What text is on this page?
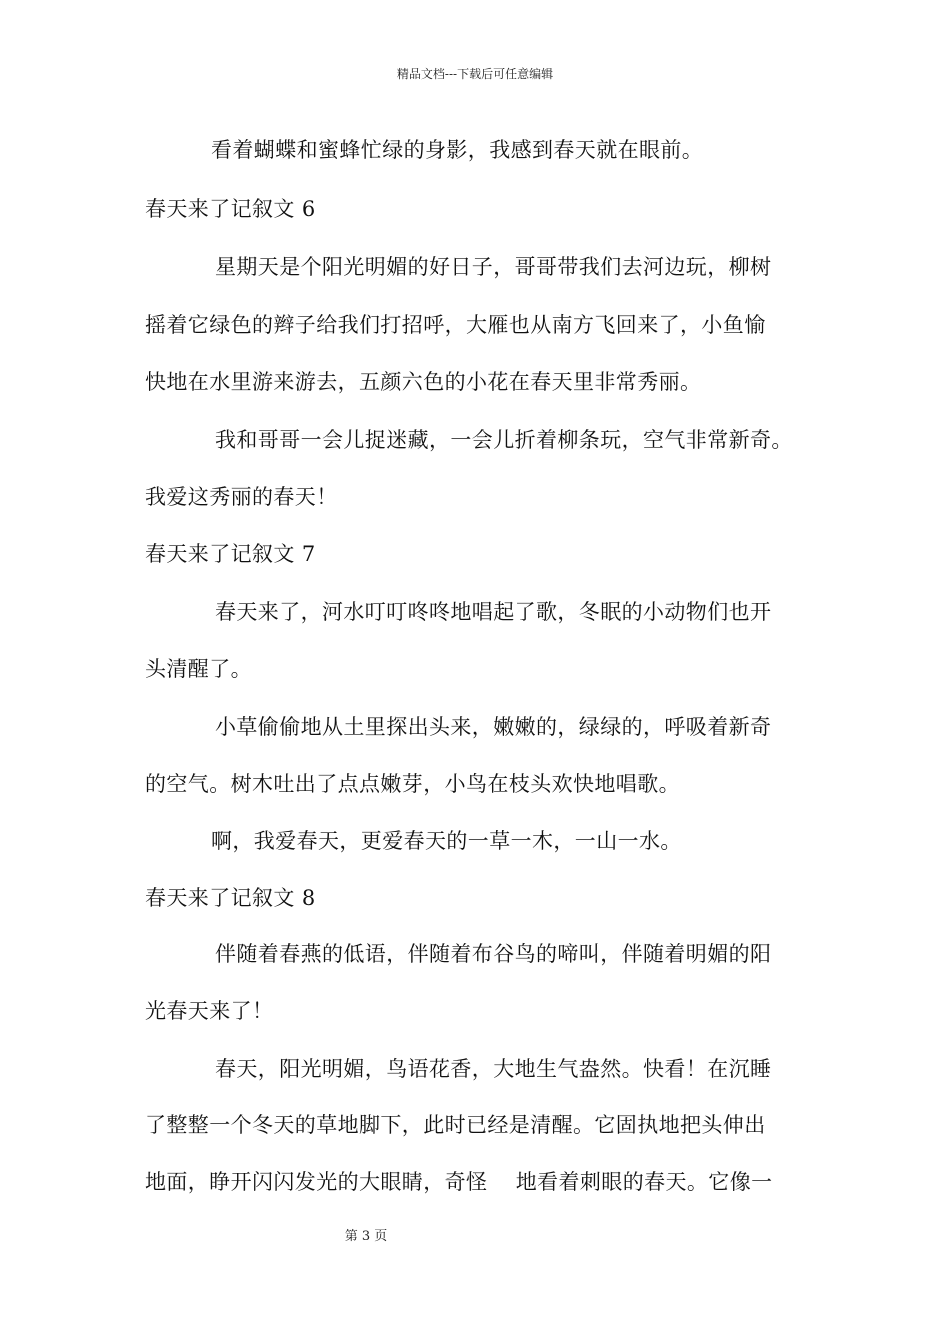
精品文档---下载后可任意编辑
看着蝴蝶和蜜蜂忙绿的身影，我感到春天就在眼前。
春天来了记叙文 6
星期天是个阳光明媚的好日子，哥哥带我们去河边玩，柳树
摇着它绿色的辫子给我们打招呼，大雁也从南方飞回来了，小鱼愉
快地在水里游来游去，五颜六色的小花在春天里非常秀丽。
我和哥哥一会儿捉迷藏，一会儿折着柳条玩，空气非常新奇。
我爱这秀丽的春天！
春天来了记叙文 7
春天来了，河水叮叮咚咚地唱起了歌，冬眠的小动物们也开
头清醒了。
小草偷偷地从土里探出头来，嫩嫩的，绿绿的，呼吸着新奇
的空气。树木吐出了点点嫩芽，小鸟在枝头欢快地唱歌。
啊，我爱春天，更爱春天的一草一木，一山一水。
春天来了记叙文 8
伴随着春燕的低语，伴随着布谷鸟的啼叫，伴随着明媚的阳
光春天来了！
春天，阳光明媚，鸟语花香，大地生气盎然。快看！在沉睡
了整整一个冬天的草地脚下，此时已经是清醒。它固执地把头伸出
地面，睁开闪闪发光的大眼睛，奇怪    地看着刺眼的春天。它像一
第 3 页
